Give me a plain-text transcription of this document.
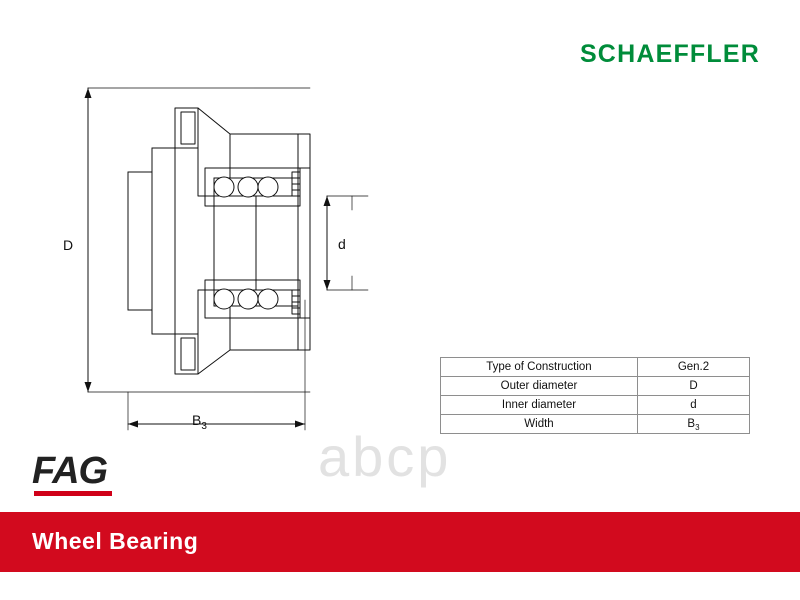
SCHAEFFLER
D	d
$B_3$ abcp
Type of Construction	Gen.2
Outer diameter	D
Inner diameter	d
Width	$B_3$
FAG
Wheel Bearing
